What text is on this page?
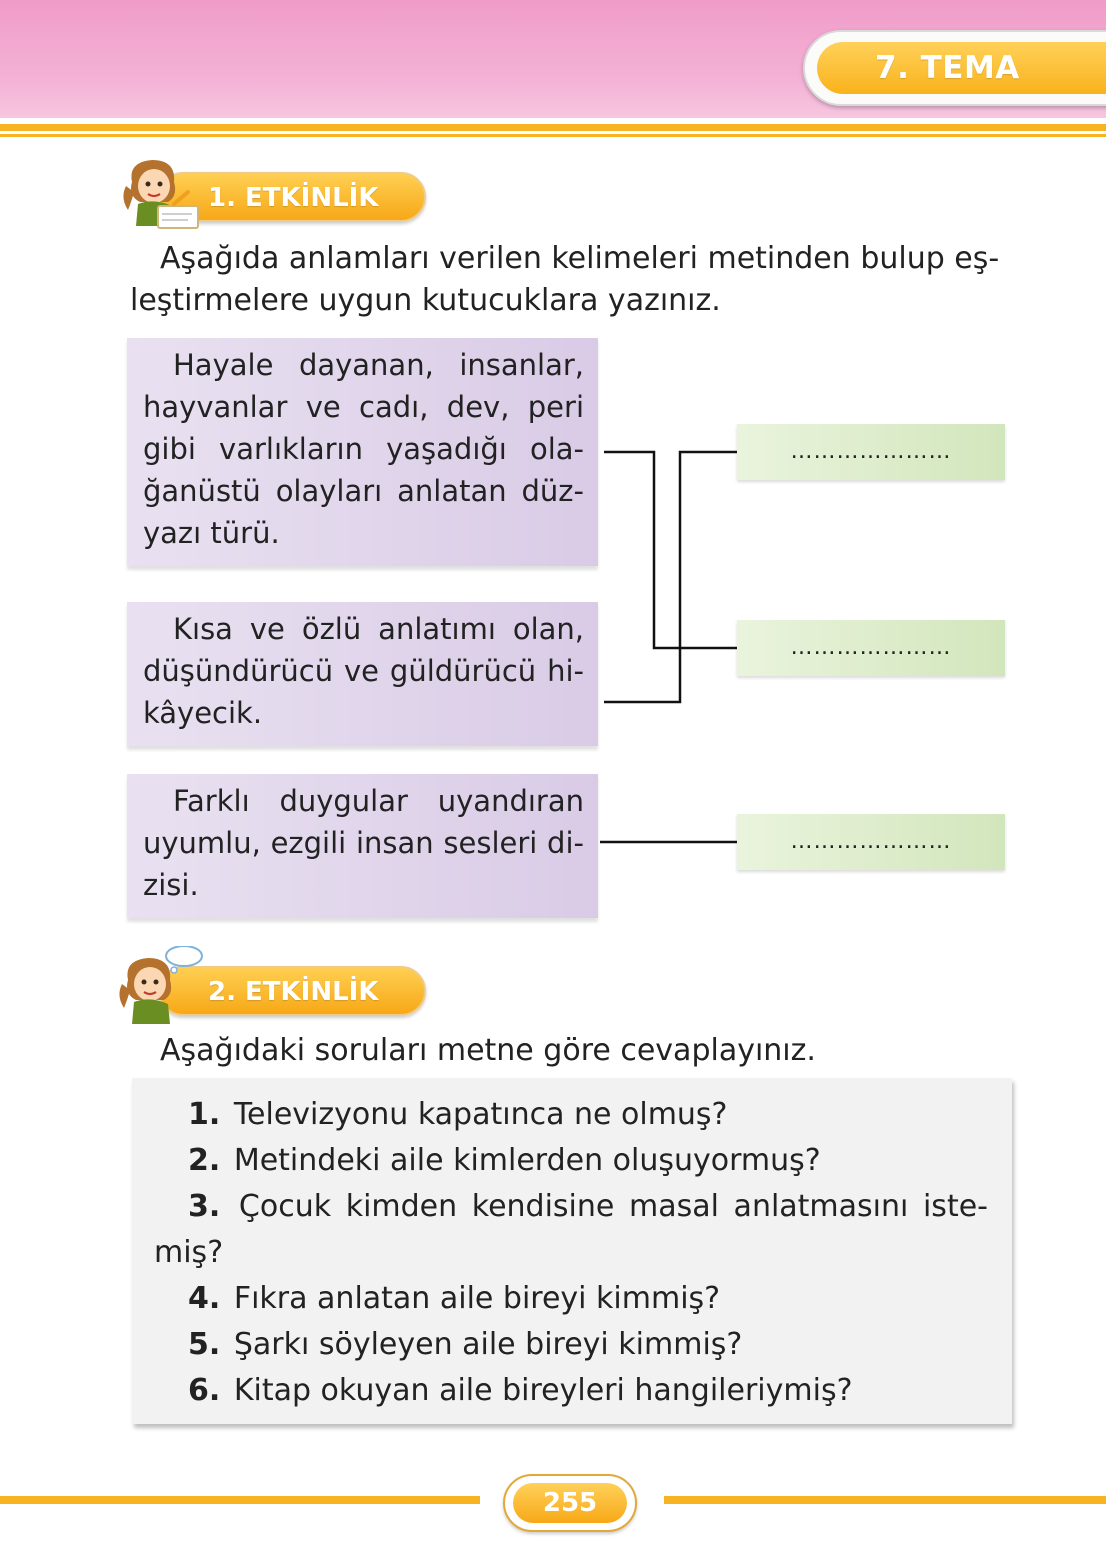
7. TEMA
1. ETKİNLİK
Aşağıda anlamları verilen kelimeleri metinden bulup eş-
leştirmelere uygun kutucuklara yazınız.

Hayale dayanan, insanlar, hayvanlar ve cadı, dev, peri gibi varlıkların yaşadığı ola- ğanüstü olayları anlatan düz- yazı türü.

Kısa ve özlü anlatımı olan, düşündürücü ve güldürücü hi- kâyecik.

Farklı duygular uyandıran uyumlu, ezgili insan sesleri di- zisi.

…………………
…………………
…………………
2. ETKİNLİK
Aşağıdaki soruları metne göre cevaplayınız.
1. Televizyonu kapatınca ne olmuş?
2. Metindeki aile kimlerden oluşuyormuş?
3. Çocuk kimden kendisine masal anlatmasını iste- miş?
4. Fıkra anlatan aile bireyi kimmiş?
5. Şarkı söyleyen aile bireyi kimmiş?
6. Kitap okuyan aile bireyleri hangileriymiş?
255
